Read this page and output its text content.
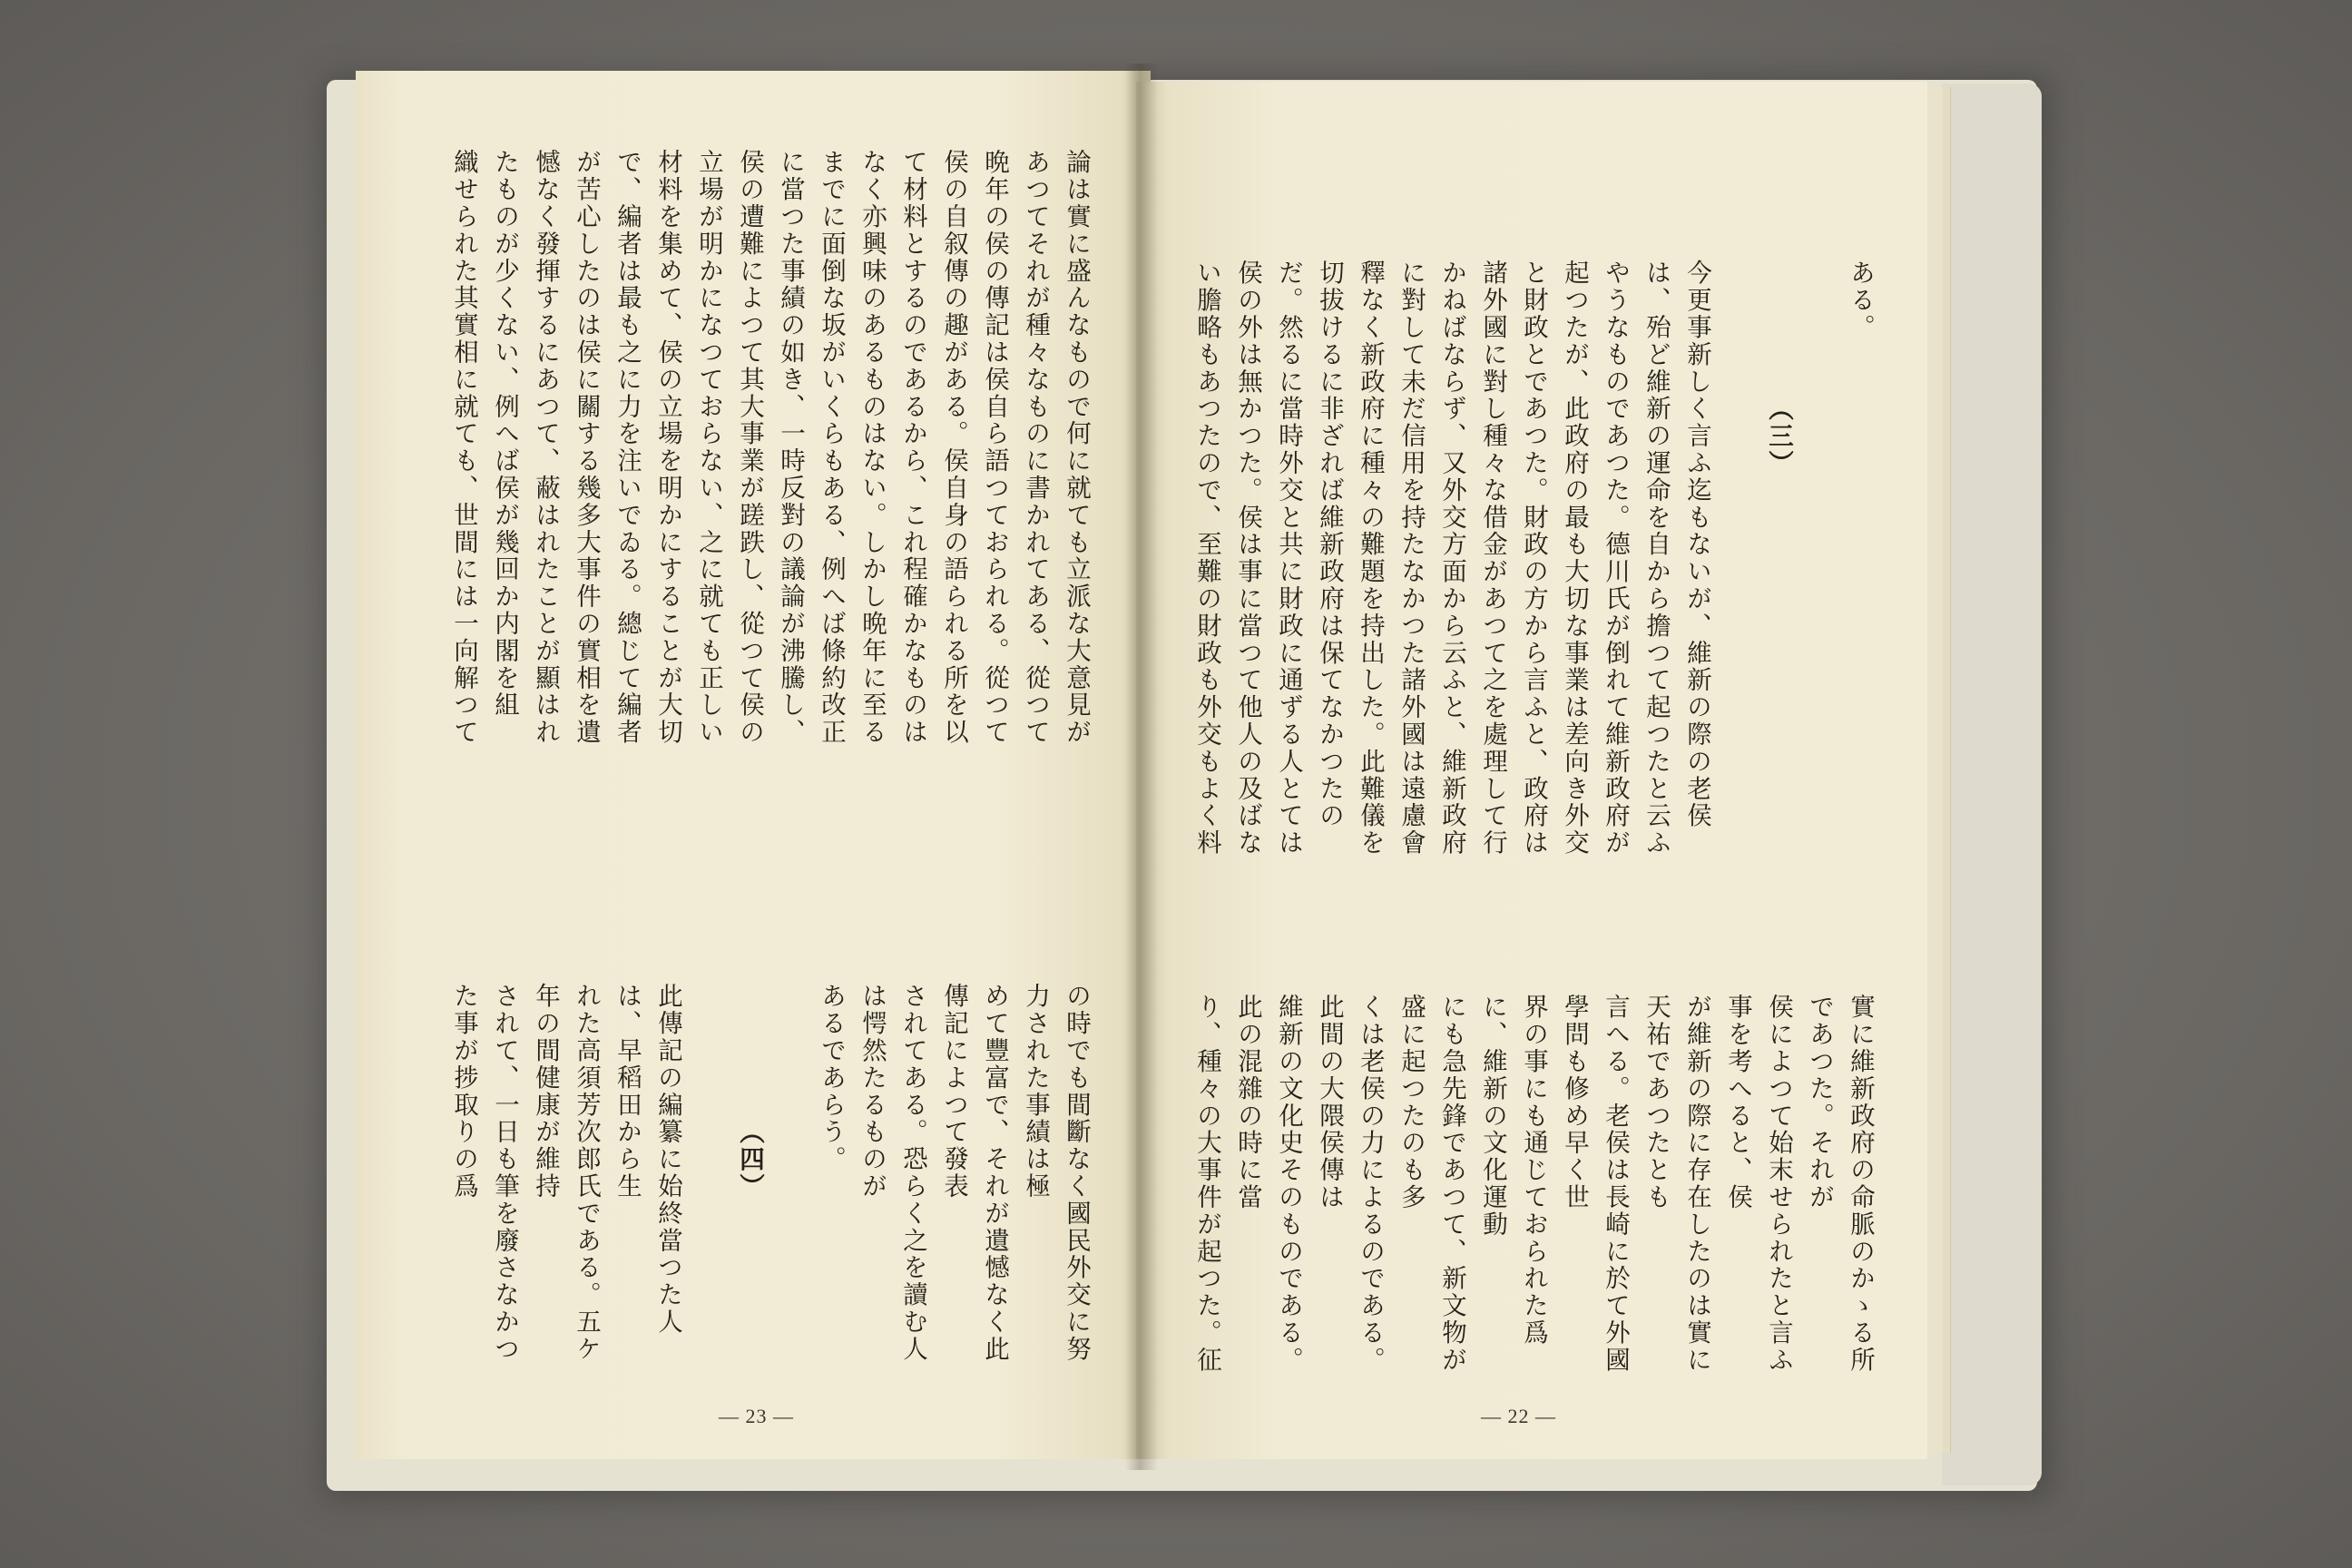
論は實に盛んなもので何に就ても立派な大意見が
あつてそれが種々なものに書かれてある、從つて
晩年の侯の傳記は侯自ら語つておられる。從つて
侯の自叙傳の趣がある。侯自身の語られる所を以
て材料とするのであるから、これ程確かなものは
なく亦興味のあるものはない。しかし晩年に至る
までに面倒な坂がいくらもある、例へば條約改正
に當つた事績の如き、一時反對の議論が沸騰し、
侯の遭難によつて其大事業が蹉跌し、從つて侯の
立場が明かになつておらない、之に就ても正しい
材料を集めて、侯の立場を明かにすることが大切
で、編者は最も之に力を注いでゐる。總じて編者
が苦心したのは侯に關する幾多大事件の實相を遺
憾なく發揮するにあつて、蔽はれたことが顯はれ
たものが少くない、例へば侯が幾回か内閣を組
織せられた其實相に就ても、世間には一向解つて
の時でも間斷なく國民外交に努力された事績は極
めて豐富で、それが遺憾なく此傳記によつて發表
されてある。恐らく之を讀む人は愕然たるものが
あるであらう。

（四）

此傳記の編纂に始終當つた人は、早稻田から生
れた高須芳次郎氏である。五ケ年の間健康が維持
されて、一日も筆を廢さなかつた事が捗取りの爲
— 23 —
ある。

（三）

今更事新しく言ふ迄もないが、維新の際の老侯
は、殆ど維新の運命を自から擔つて起つたと云ふ
やうなものであつた。德川氏が倒れて維新政府が
起つたが、此政府の最も大切な事業は差向き外交
と財政とであつた。財政の方から言ふと、政府は
諸外國に對し種々な借金があつて之を處理して行
かねばならず、又外交方面から云ふと、維新政府
に對して未だ信用を持たなかつた諸外國は遠慮會
釋なく新政府に種々の難題を持出した。此難儀を
切拔けるに非ざれば維新政府は保てなかつたの
だ。然るに當時外交と共に財政に通ずる人とては
侯の外は無かつた。侯は事に當つて他人の及ばな
い膽略もあつたので、至難の財政も外交もよく料
實に維新政府の命脈のかゝる所であつた。それが
侯によつて始末せられたと言ふ事を考へると、侯
が維新の際に存在したのは實に天祐であつたとも
言へる。老侯は長崎に於て外國學問も修め早く世
界の事にも通じておられた爲に、維新の文化運動
にも急先鋒であつて、新文物が盛に起つたのも多
くは老侯の力によるのである。此間の大隈侯傳は
維新の文化史そのものである。此の混雜の時に當
り、種々の大事件が起つた。征
— 22 —
